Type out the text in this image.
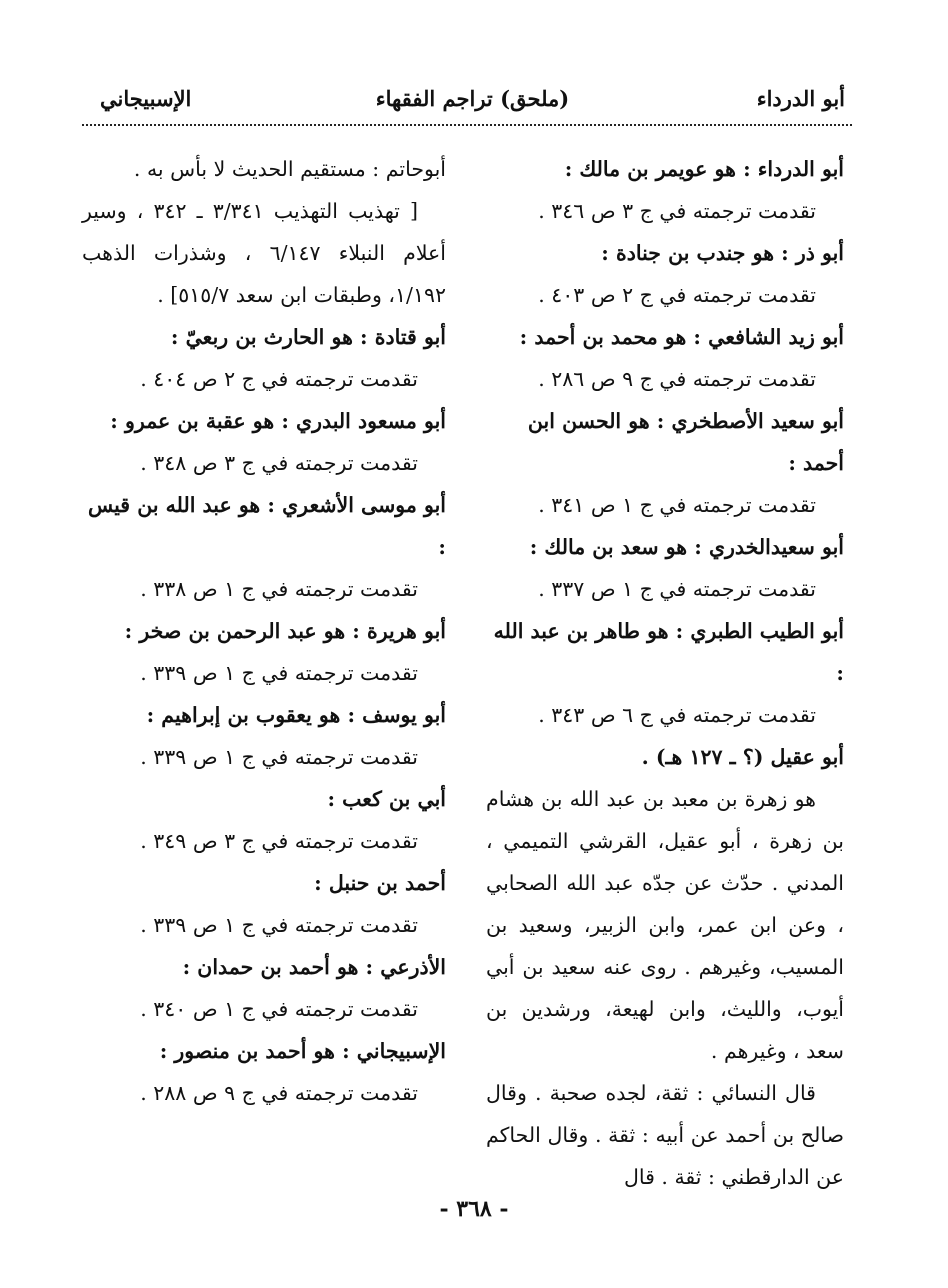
أبو الدرداء
(ملحق) تراجم الفقهاء
الإسبيجاني

أبو الدرداء : هو عويمر بن مالك :

تقدمت ترجمته في ج ٣ ص ٣٤٦ .

أبو ذر : هو جندب بن جنادة :

تقدمت ترجمته في ج ٢ ص ٤٠٣ .

أبو زيد الشافعي : هو محمد بن أحمد :

تقدمت ترجمته في ج ٩ ص ٢٨٦ .

أبو سعيد الأصطخري : هو الحسن ابن أحمد :

تقدمت ترجمته في ج ١ ص ٣٤١ .

أبو سعيدالخدري : هو سعد بن مالك :

تقدمت ترجمته في ج ١ ص ٣٣٧ .

أبو الطيب الطبري : هو طاهر بن عبد الله :

تقدمت ترجمته في ج ٦ ص ٣٤٣ .

أبو عقيل (؟ ـ ١٢٧ هـ) .

هو زهرة بن معبد بن عبد الله بن هشام بن زهرة ، أبو عقيل، القرشي التميمي ، المدني . حدّث عن جدّه عبد الله الصحابي ، وعن ابن عمر، وابن الزبير، وسعيد بن المسيب، وغيرهم . روى عنه سعيد بن أبي أيوب، والليث، وابن لهيعة، ورشدين بن سعد ، وغيرهم .

قال النسائي : ثقة، لجده صحبة . وقال صالح بن أحمد عن أبيه : ثقة . وقال الحاكم عن الدارقطني : ثقة . قال

أبوحاتم : مستقيم الحديث لا بأس به .

[ تهذيب التهذيب ٣/٣٤١ ـ ٣٤٢ ، وسير أعلام النبلاء ٦/١٤٧ ، وشذرات الذهب ١/١٩٢، وطبقات ابن سعد ٥١٥/٧] .

أبو قتادة : هو الحارث بن ربعيّ :

تقدمت ترجمته في ج ٢ ص ٤٠٤ .

أبو مسعود البدري : هو عقبة بن عمرو :

تقدمت ترجمته في ج ٣ ص ٣٤٨ .

أبو موسى الأشعري : هو عبد الله بن قيس :

تقدمت ترجمته في ج ١ ص ٣٣٨ .

أبو هريرة : هو عبد الرحمن بن صخر :

تقدمت ترجمته في ج ١ ص ٣٣٩ .

أبو يوسف : هو يعقوب بن إبراهيم :

تقدمت ترجمته في ج ١ ص ٣٣٩ .

أبي بن كعب :

تقدمت ترجمته في ج ٣ ص ٣٤٩ .

أحمد بن حنبل :

تقدمت ترجمته في ج ١ ص ٣٣٩ .

الأذرعي : هو أحمد بن حمدان :

تقدمت ترجمته في ج ١ ص ٣٤٠ .

الإسبيجاني : هو أحمد بن منصور :

تقدمت ترجمته في ج ٩ ص ٢٨٨ .

- ٣٦٨ -
